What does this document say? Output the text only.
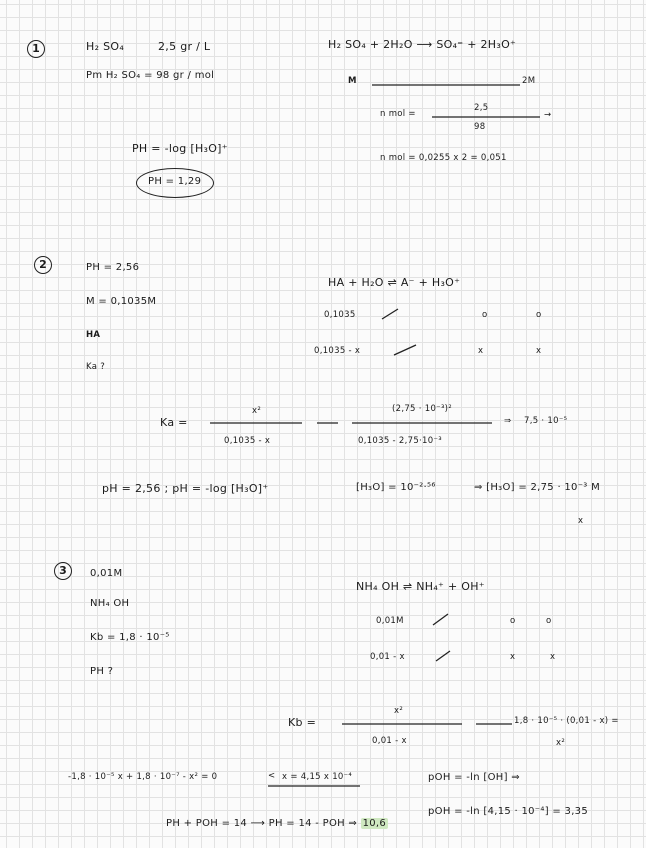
1	H₂ SO₄	2,5 gr / L
Pm H₂ SO₄ = 98 gr / mol
H₂ SO₄ + 2H₂O ⟶ SO₄⁼ + 2H₃O⁺
M	2M
n mol =
2,5
98
→
n mol = 0,0255 x 2 = 0,051
PH = -log [H₃O]⁺
PH = 1,29
2	PH = 2,56
M = 0,1035M
HA
Ka ?
HA + H₂O ⇌ A⁻ + H₃O⁺
0,1035	o	o
0,1035 - x	x	x
Ka =
x²
0,1035 - x
(2,75 · 10⁻³)²
0,1035 - 2,75·10⁻³
7,5 · 10⁻⁵
⇒
pH = 2,56 ; pH = -log [H₃O]⁺	[H₃O] = 10⁻²·⁵⁶	⇒ [H₃O] = 2,75 · 10⁻³ M
x
3	0,01M
NH₄ OH
Kb = 1,8 · 10⁻⁵
PH ?
NH₄ OH ⇌ NH₄⁺ + OH⁺
0,01M	o	o
0,01 - x	x	x
Kb =
x²
0,01 - x
1,8 · 10⁻⁵ · (0,01 - x) =
x²
-1,8 · 10⁻⁵ x + 1,8 · 10⁻⁷ - x² = 0	< x = 4,15 x 10⁻⁴	pOH = -ln [OH] ⇒
pOH = -ln [4,15 · 10⁻⁴] = 3,35
PH + POH = 14 ⟶ PH = 14 - POH ⇒ 10,6
